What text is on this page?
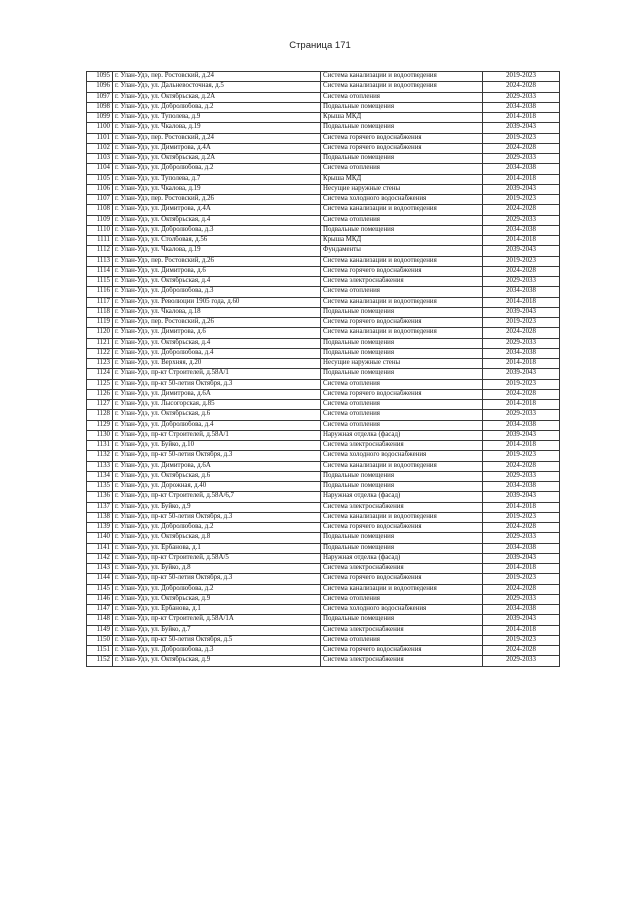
Страница 171
1095	г. Улан-Удэ, пер. Ростовский, д.24	Система канализации и водоотведения	2019-2023
1096	г. Улан-Удэ, ул. Дальневосточная, д.5	Система канализации и водоотведения	2024-2028
1097	г. Улан-Удэ, ул. Октябрьская, д.2А	Система отопления	2029-2033
1098	г. Улан-Удэ, ул. Добролюбова, д.2	Подвальные помещения	2034-2038
1099	г. Улан-Удэ, ул. Туполева, д.9	Крыша МКД	2014-2018
1100	г. Улан-Удэ, ул. Чкалова, д.19	Подвальные помещения	2039-2043
1101	г. Улан-Удэ, пер. Ростовский, д.24	Система горячего водоснабжения	2019-2023
1102	г. Улан-Удэ, ул. Димитрова, д.4А	Система горячего водоснабжения	2024-2028
1103	г. Улан-Удэ, ул. Октябрьская, д.2А	Подвальные помещения	2029-2033
1104	г. Улан-Удэ, ул. Добролюбова, д.2	Система отопления	2034-2038
1105	г. Улан-Удэ, ул. Туполева, д.7	Крыша МКД	2014-2018
1106	г. Улан-Удэ, ул. Чкалова, д.19	Несущие наружные стены	2039-2043
1107	г. Улан-Удэ, пер. Ростовский, д.26	Система холодного водоснабжения	2019-2023
1108	г. Улан-Удэ, ул. Димитрова, д.4А	Система канализации и водоотведения	2024-2028
1109	г. Улан-Удэ, ул. Октябрьская, д.4	Система отопления	2029-2033
1110	г. Улан-Удэ, ул. Добролюбова, д.3	Подвальные помещения	2034-2038
1111	г. Улан-Удэ, ул. Столбовая, д.56	Крыша МКД	2014-2018
1112	г. Улан-Удэ, ул. Чкалова, д.19	Фундаменты	2039-2043
1113	г. Улан-Удэ, пер. Ростовский, д.26	Система канализации и водоотведения	2019-2023
1114	г. Улан-Удэ, ул. Димитрова, д.6	Система горячего водоснабжения	2024-2028
1115	г. Улан-Удэ, ул. Октябрьская, д.4	Система электроснабжения	2029-2033
1116	г. Улан-Удэ, ул. Добролюбова, д.3	Система отопления	2034-2038
1117	г. Улан-Удэ, ул. Революции 1905 года, д.60	Система канализации и водоотведения	2014-2018
1118	г. Улан-Удэ, ул. Чкалова, д.18	Подвальные помещения	2039-2043
1119	г. Улан-Удэ, пер. Ростовский, д.26	Система горячего водоснабжения	2019-2023
1120	г. Улан-Удэ, ул. Димитрова, д.6	Система канализации и водоотведения	2024-2028
1121	г. Улан-Удэ, ул. Октябрьская, д.4	Подвальные помещения	2029-2033
1122	г. Улан-Удэ, ул. Добролюбова, д.4	Подвальные помещения	2034-2038
1123	г. Улан-Удэ, ул. Верхняя, д.20	Несущие наружные стены	2014-2018
1124	г. Улан-Удэ, пр-кт Строителей, д.58А/1	Подвальные помещения	2039-2043
1125	г. Улан-Удэ, пр-кт 50-летия Октября, д.3	Система отопления	2019-2023
1126	г. Улан-Удэ, ул. Димитрова, д.6А	Система горячего водоснабжения	2024-2028
1127	г. Улан-Удэ, ул. Лысогорская, д.85	Система отопления	2014-2018
1128	г. Улан-Удэ, ул. Октябрьская, д.6	Система отопления	2029-2033
1129	г. Улан-Удэ, ул. Добролюбова, д.4	Система отопления	2034-2038
1130	г. Улан-Удэ, пр-кт Строителей, д.58А/1	Наружная отделка (фасад)	2039-2043
1131	г. Улан-Удэ, ул. Буйко, д.10	Система электроснабжения	2014-2018
1132	г. Улан-Удэ, пр-кт 50-летия Октября, д.3	Система холодного водоснабжения	2019-2023
1133	г. Улан-Удэ, ул. Димитрова, д.6А	Система канализации и водоотведения	2024-2028
1134	г. Улан-Удэ, ул. Октябрьская, д.6	Подвальные помещения	2029-2033
1135	г. Улан-Удэ, ул. Дорожная, д.40	Подвальные помещения	2034-2038
1136	г. Улан-Удэ, пр-кт Строителей, д.58А/6,7	Наружная отделка (фасад)	2039-2043
1137	г. Улан-Удэ, ул. Буйко, д.9	Система электроснабжения	2014-2018
1138	г. Улан-Удэ, пр-кт 50-летия Октября, д.3	Система канализации и водоотведения	2019-2023
1139	г. Улан-Удэ, ул. Добролюбова, д.2	Система горячего водоснабжения	2024-2028
1140	г. Улан-Удэ, ул. Октябрьская, д.8	Подвальные помещения	2029-2033
1141	г. Улан-Удэ, ул. Ербанова, д.1	Подвальные помещения	2034-2038
1142	г. Улан-Удэ, пр-кт Строителей, д.58А/5	Наружная отделка (фасад)	2039-2043
1143	г. Улан-Удэ, ул. Буйко, д.8	Система электроснабжения	2014-2018
1144	г. Улан-Удэ, пр-кт 50-летия Октября, д.3	Система горячего водоснабжения	2019-2023
1145	г. Улан-Удэ, ул. Добролюбова, д.2	Система канализации и водоотведения	2024-2028
1146	г. Улан-Удэ, ул. Октябрьская, д.9	Система отопления	2029-2033
1147	г. Улан-Удэ, ул. Ербанова, д.1	Система холодного водоснабжения	2034-2038
1148	г. Улан-Удэ, пр-кт Строителей, д.58А/1А	Подвальные помещения	2039-2043
1149	г. Улан-Удэ, ул. Буйко, д.7	Система электроснабжения	2014-2018
1150	г. Улан-Удэ, пр-кт 50-летия Октября, д.5	Система отопления	2019-2023
1151	г. Улан-Удэ, ул. Добролюбова, д.3	Система горячего водоснабжения	2024-2028
1152	г. Улан-Удэ, ул. Октябрьская, д.9	Система электроснабжения	2029-2033
